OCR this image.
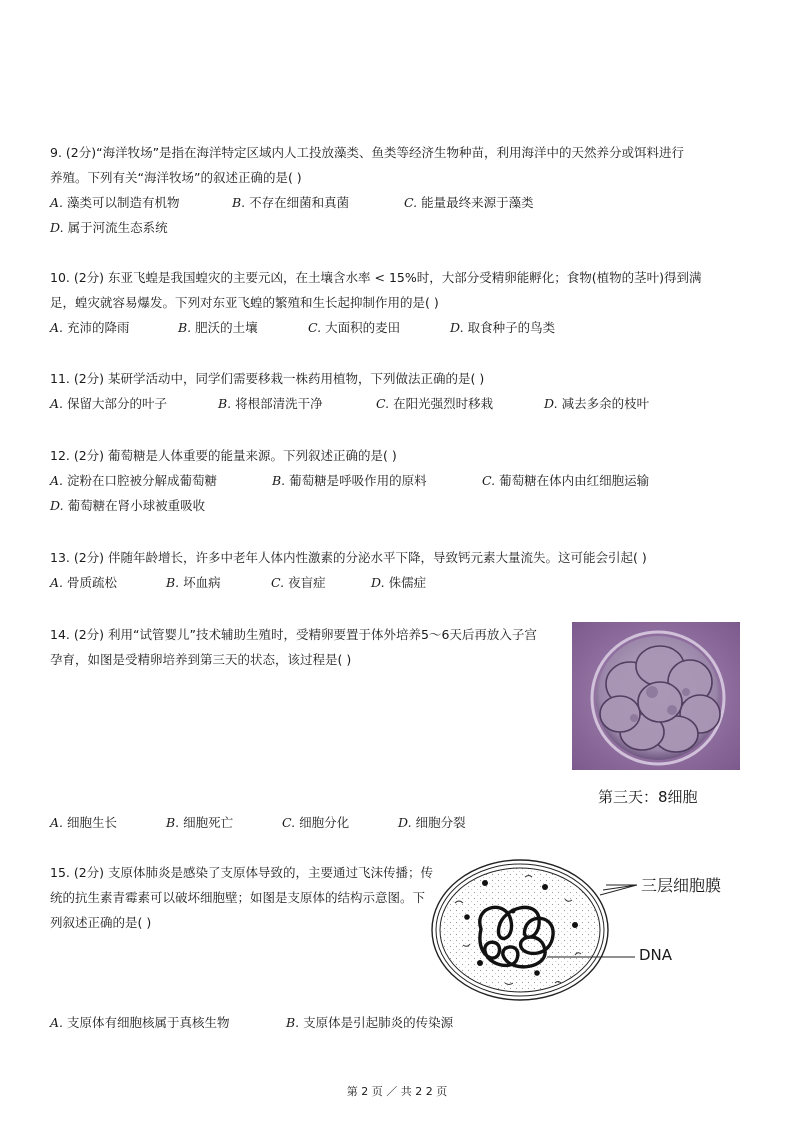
9. (2分)“海洋牧场”是指在海洋特定区域内人工投放藻类、鱼类等经济生物种苗，利用海洋中的天然养分或饵料进行
养殖。下列有关“海洋牧场”的叙述正确的是( )

A. 藻类可以制造有机物	B. 不存在细菌和真菌	C. 能量最终来源于藻类

D. 属于河流生态系统

10. (2分) 东亚飞蝗是我国蝗灾的主要元凶，在土壤含水率 < 15%时，大部分受精卵能孵化；食物(植物的茎叶)得到满
足，蝗灾就容易爆发。下列对东亚飞蝗的繁殖和生长起抑制作用的是( )

A. 充沛的降雨	B. 肥沃的土壤	C. 大面积的麦田	D. 取食种子的鸟类

11. (2分) 某研学活动中，同学们需要移栽一株药用植物，下列做法正确的是( )

A. 保留大部分的叶子	B. 将根部清洗干净	C. 在阳光强烈时移栽	D. 减去多余的枝叶

12. (2分) 葡萄糖是人体重要的能量来源。下列叙述正确的是( )

A. 淀粉在口腔被分解成葡萄糖	B. 葡萄糖是呼吸作用的原料	C. 葡萄糖在体内由红细胞运输

D. 葡萄糖在肾小球被重吸收

13. (2分) 伴随年龄增长，许多中老年人体内性激素的分泌水平下降，导致钙元素大量流失。这可能会引起( )

A. 骨质疏松	B. 坏血病	C. 夜盲症	D. 侏儒症

14. (2分) 利用“试管婴儿”技术辅助生殖时，受精卵要置于体外培养5～6天后再放入子宫
孕育，如图是受精卵培养到第三天的状态，该过程是( )

A. 细胞生长	B. 细胞死亡	C. 细胞分化	D. 细胞分裂

第三天：8细胞

15. (2分) 支原体肺炎是感染了支原体导致的，主要通过飞沫传播；传
统的抗生素青霉素可以破坏细胞壁；如图是支原体的结构示意图。下
列叙述正确的是( )

A. 支原体有细胞核属于真核生物	B. 支原体是引起肺炎的传染源

三层细胞膜
DNA
第 2 页 ／ 共 2 2 页
